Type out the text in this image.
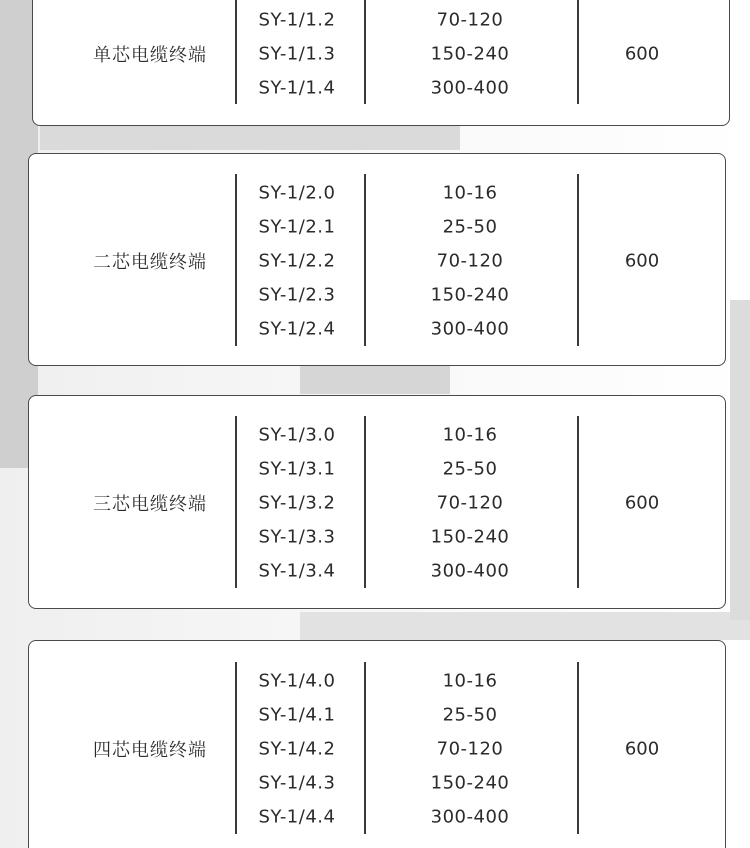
单芯电缆终端
SY-1/1.2	70-120
SY-1/1.3	150-240
SY-1/1.4	300-400
600
二芯电缆终端
SY-1/2.0	10-16
SY-1/2.1	25-50
SY-1/2.2	70-120
SY-1/2.3	150-240
SY-1/2.4	300-400
600
三芯电缆终端
SY-1/3.0	10-16
SY-1/3.1	25-50
SY-1/3.2	70-120
SY-1/3.3	150-240
SY-1/3.4	300-400
600
四芯电缆终端
SY-1/4.0	10-16
SY-1/4.1	25-50
SY-1/4.2	70-120
SY-1/4.3	150-240
SY-1/4.4	300-400
600
